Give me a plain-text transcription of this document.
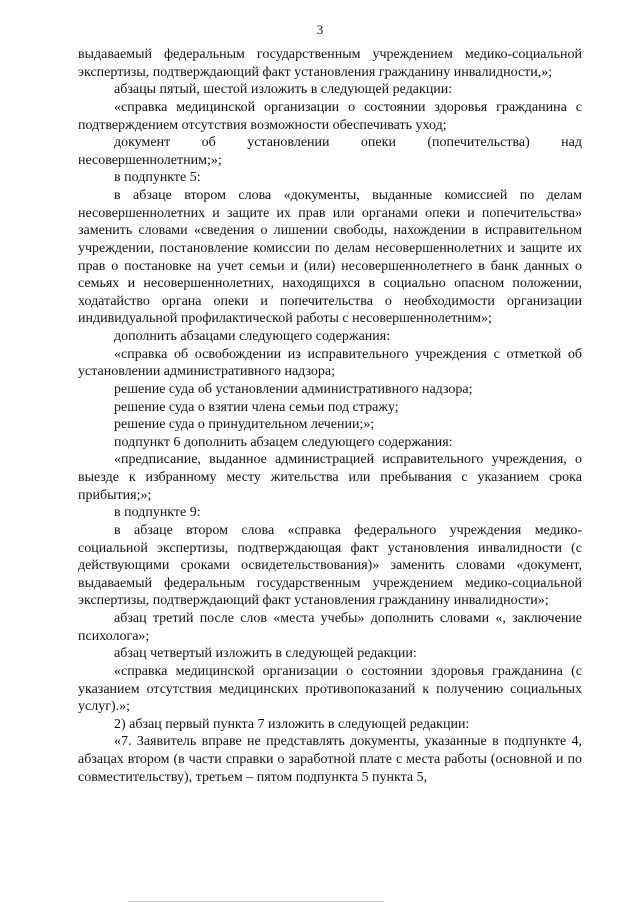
3

выдаваемый федеральным государственным учреждением медико-социальной экспертизы, подтверждающий факт установления гражданину инвалидности,»;

абзацы пятый, шестой изложить в следующей редакции:

«справка медицинской организации о состоянии здоровья гражданина с подтверждением отсутствия возможности обеспечивать уход;

документ об установлении опеки (попечительства) над несовершеннолетним;»;

в подпункте 5:

в абзаце втором слова «документы, выданные комиссией по делам несовершеннолетних и защите их прав или органами опеки и попечительства» заменить словами «сведения о лишении свободы, нахождении в исправительном учреждении, постановление комиссии по делам несовершеннолетних и защите их прав о постановке на учет семьи и (или) несовершеннолетнего в банк данных о семьях и несовершеннолетних, находящихся в социально опасном положении, ходатайство органа опеки и попечительства о необходимости организации индивидуальной профилактической работы с несовершеннолетним»;

дополнить абзацами следующего содержания:

«справка об освобождении из исправительного учреждения с отметкой об установлении административного надзора;

решение суда об установлении административного надзора;

решение суда о взятии члена семьи под стражу;

решение суда о принудительном лечении;»;

подпункт 6 дополнить абзацем следующего содержания:

«предписание, выданное администрацией исправительного учреждения, о выезде к избранному месту жительства или пребывания с указанием срока прибытия;»;

в подпункте 9:

в абзаце втором слова «справка федерального учреждения медико-социальной экспертизы, подтверждающая факт установления инвалидности (с действующими сроками освидетельствования)» заменить словами «документ, выдаваемый федеральным государственным учреждением медико-социальной экспертизы, подтверждающий факт установления гражданину инвалидности»;

абзац третий после слов «места учебы» дополнить словами «, заключение психолога»;

абзац четвертый изложить в следующей редакции:

«справка медицинской организации о состоянии здоровья гражданина (с указанием отсутствия медицинских противопоказаний к получению социальных услуг).»;

2) абзац первый пункта 7 изложить в следующей редакции:

«7. Заявитель вправе не представлять документы, указанные в подпункте 4, абзацах втором (в части справки о заработной плате с места работы (основной и по совместительству), третьем – пятом подпункта 5 пункта 5,
